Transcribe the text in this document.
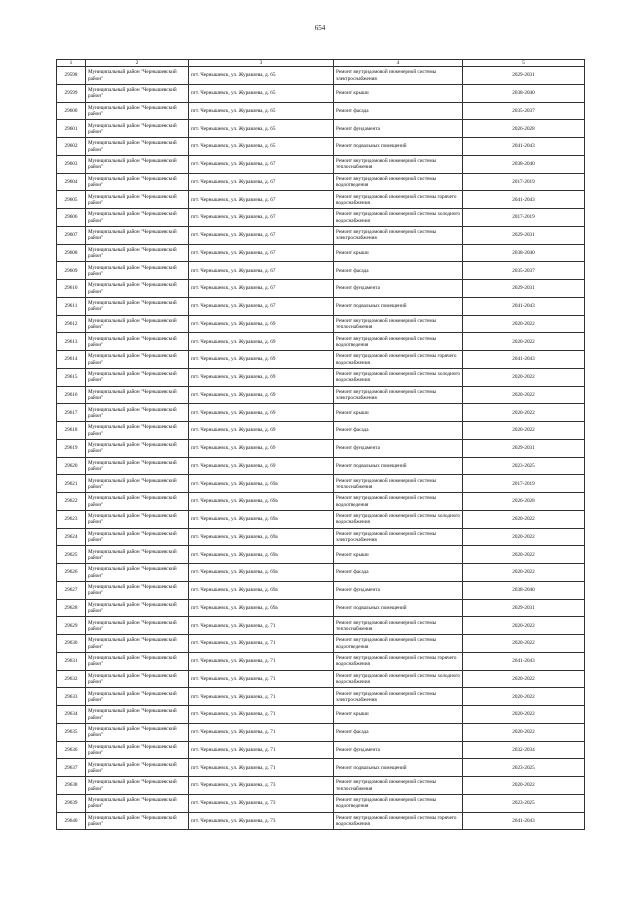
654
1	2	3	4	5
29598	Муниципальный район "Чернышевский район"	пгт. Чернышевск, ул. Журавлева, д. 65	Ремонт внутридомовой инженерной системы электроснабжения	2029-2031
29599	Муниципальный район "Чернышевский район"	пгт. Чернышевск, ул. Журавлева, д. 65	Ремонт крыши	2038-2040
29600	Муниципальный район "Чернышевский район"	пгт. Чернышевск, ул. Журавлева, д. 65	Ремонт фасада	2035-2037
29601	Муниципальный район "Чернышевский район"	пгт. Чернышевск, ул. Журавлева, д. 65	Ремонт фундамента	2026-2028
29602	Муниципальный район "Чернышевский район"	пгт. Чернышевск, ул. Журавлева, д. 65	Ремонт подвальных помещений	2041-2043
29603	Муниципальный район "Чернышевский район"	пгт. Чернышевск, ул. Журавлева, д. 67	Ремонт внутридомовой инженерной системы теплоснабжения	2038-2040
29604	Муниципальный район "Чернышевский район"	пгт. Чернышевск, ул. Журавлева, д. 67	Ремонт внутридомовой инженерной системы водоотведения	2017-2019
29605	Муниципальный район "Чернышевский район"	пгт. Чернышевск, ул. Журавлева, д. 67	Ремонт внутридомовой инженерной системы горячего водоснабжения	2041-2043
29606	Муниципальный район "Чернышевский район"	пгт. Чернышевск, ул. Журавлева, д. 67	Ремонт внутридомовой инженерной системы холодного водоснабжения	2017-2019
29607	Муниципальный район "Чернышевский район"	пгт. Чернышевск, ул. Журавлева, д. 67	Ремонт внутридомовой инженерной системы электроснабжения	2029-2031
29608	Муниципальный район "Чернышевский район"	пгт. Чернышевск, ул. Журавлева, д. 67	Ремонт крыши	2038-2040
29609	Муниципальный район "Чернышевский район"	пгт. Чернышевск, ул. Журавлева, д. 67	Ремонт фасада	2035-2037
29610	Муниципальный район "Чернышевский район"	пгт. Чернышевск, ул. Журавлева, д. 67	Ремонт фундамента	2029-2031
29611	Муниципальный район "Чернышевский район"	пгт. Чернышевск, ул. Журавлева, д. 67	Ремонт подвальных помещений	2041-2043
29612	Муниципальный район "Чернышевский район"	пгт. Чернышевск, ул. Журавлева, д. 69	Ремонт внутридомовой инженерной системы теплоснабжения	2020-2022
29613	Муниципальный район "Чернышевский район"	пгт. Чернышевск, ул. Журавлева, д. 69	Ремонт внутридомовой инженерной системы водоотведения	2020-2022
29614	Муниципальный район "Чернышевский район"	пгт. Чернышевск, ул. Журавлева, д. 69	Ремонт внутридомовой инженерной системы горячего водоснабжения	2041-2043
29615	Муниципальный район "Чернышевский район"	пгт. Чернышевск, ул. Журавлева, д. 69	Ремонт внутридомовой инженерной системы холодного водоснабжения	2020-2022
29616	Муниципальный район "Чернышевский район"	пгт. Чернышевск, ул. Журавлева, д. 69	Ремонт внутридомовой инженерной системы электроснабжения	2020-2022
29617	Муниципальный район "Чернышевский район"	пгт. Чернышевск, ул. Журавлева, д. 69	Ремонт крыши	2020-2022
29618	Муниципальный район "Чернышевский район"	пгт. Чернышевск, ул. Журавлева, д. 69	Ремонт фасада	2020-2022
29619	Муниципальный район "Чернышевский район"	пгт. Чернышевск, ул. Журавлева, д. 69	Ремонт фундамента	2029-2031
29620	Муниципальный район "Чернышевский район"	пгт. Чернышевск, ул. Журавлева, д. 69	Ремонт подвальных помещений	2023-2025
29621	Муниципальный район "Чернышевский район"	пгт. Чернышевск, ул. Журавлева, д. 69а	Ремонт внутридомовой инженерной системы теплоснабжения	2017-2019
29622	Муниципальный район "Чернышевский район"	пгт. Чернышевск, ул. Журавлева, д. 69а	Ремонт внутридомовой инженерной системы водоотведения	2026-2028
29623	Муниципальный район "Чернышевский район"	пгт. Чернышевск, ул. Журавлева, д. 69а	Ремонт внутридомовой инженерной системы холодного водоснабжения	2020-2022
29624	Муниципальный район "Чернышевский район"	пгт. Чернышевск, ул. Журавлева, д. 69а	Ремонт внутридомовой инженерной системы электроснабжения	2020-2022
29625	Муниципальный район "Чернышевский район"	пгт. Чернышевск, ул. Журавлева, д. 69а	Ремонт крыши	2020-2022
29626	Муниципальный район "Чернышевский район"	пгт. Чернышевск, ул. Журавлева, д. 69а	Ремонт фасада	2020-2022
29627	Муниципальный район "Чернышевский район"	пгт. Чернышевск, ул. Журавлева, д. 69а	Ремонт фундамента	2038-2040
29628	Муниципальный район "Чернышевский район"	пгт. Чернышевск, ул. Журавлева, д. 69а	Ремонт подвальных помещений	2029-2031
29629	Муниципальный район "Чернышевский район"	пгт. Чернышевск, ул. Журавлева, д. 71	Ремонт внутридомовой инженерной системы теплоснабжения	2020-2022
29630	Муниципальный район "Чернышевский район"	пгт. Чернышевск, ул. Журавлева, д. 71	Ремонт внутридомовой инженерной системы водоотведения	2020-2022
29631	Муниципальный район "Чернышевский район"	пгт. Чернышевск, ул. Журавлева, д. 71	Ремонт внутридомовой инженерной системы горячего водоснабжения	2041-2043
29632	Муниципальный район "Чернышевский район"	пгт. Чернышевск, ул. Журавлева, д. 71	Ремонт внутридомовой инженерной системы холодного водоснабжения	2020-2022
29633	Муниципальный район "Чернышевский район"	пгт. Чернышевск, ул. Журавлева, д. 71	Ремонт внутридомовой инженерной системы электроснабжения	2020-2022
29634	Муниципальный район "Чернышевский район"	пгт. Чернышевск, ул. Журавлева, д. 71	Ремонт крыши	2020-2022
29635	Муниципальный район "Чернышевский район"	пгт. Чернышевск, ул. Журавлева, д. 71	Ремонт фасада	2020-2022
29636	Муниципальный район "Чернышевский район"	пгт. Чернышевск, ул. Журавлева, д. 71	Ремонт фундамента	2032-2034
29637	Муниципальный район "Чернышевский район"	пгт. Чернышевск, ул. Журавлева, д. 71	Ремонт подвальных помещений	2023-2025
29638	Муниципальный район "Чернышевский район"	пгт. Чернышевск, ул. Журавлева, д. 73	Ремонт внутридомовой инженерной системы теплоснабжения	2020-2022
29639	Муниципальный район "Чернышевский район"	пгт. Чернышевск, ул. Журавлева, д. 73	Ремонт внутридомовой инженерной системы водоотведения	2023-2025
29640	Муниципальный район "Чернышевский район"	пгт. Чернышевск, ул. Журавлева, д. 73	Ремонт внутридомовой инженерной системы горячего водоснабжения	2041-2043
